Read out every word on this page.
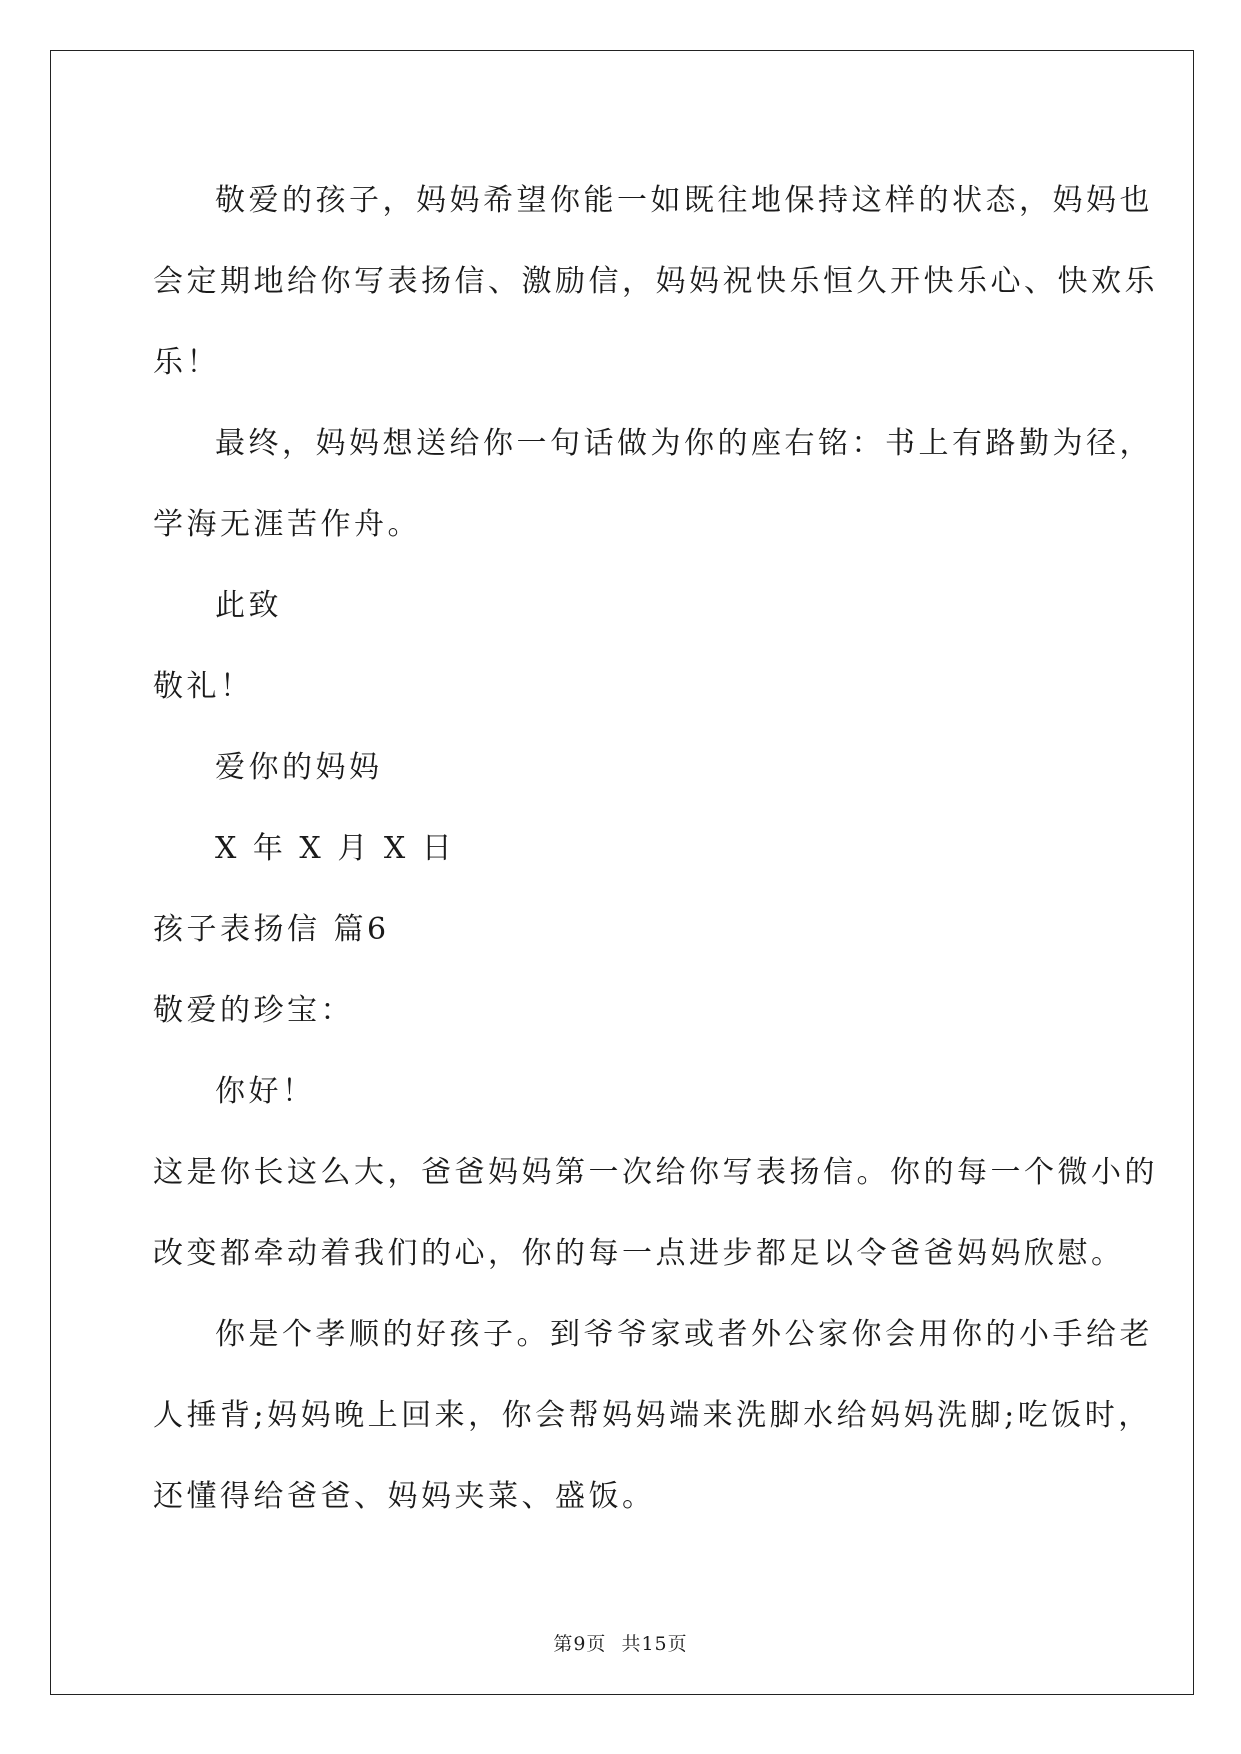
敬爱的孩子，妈妈希望你能一如既往地保持这样的状态，妈妈也
会定期地给你写表扬信、激励信，妈妈祝快乐恒久开快乐心、快欢乐
乐！
最终，妈妈想送给你一句话做为你的座右铭：书上有路勤为径，
学海无涯苦作舟。
此致
敬礼！
爱你的妈妈
X 年 X 月 X 日
孩子表扬信 篇6
敬爱的珍宝：
你好！
这是你长这么大，爸爸妈妈第一次给你写表扬信。你的每一个微小的
改变都牵动着我们的心，你的每一点进步都足以令爸爸妈妈欣慰。
你是个孝顺的好孩子。到爷爷家或者外公家你会用你的小手给老
人捶背;妈妈晚上回来，你会帮妈妈端来洗脚水给妈妈洗脚;吃饭时，
还懂得给爸爸、妈妈夹菜、盛饭。
第9页 共15页
